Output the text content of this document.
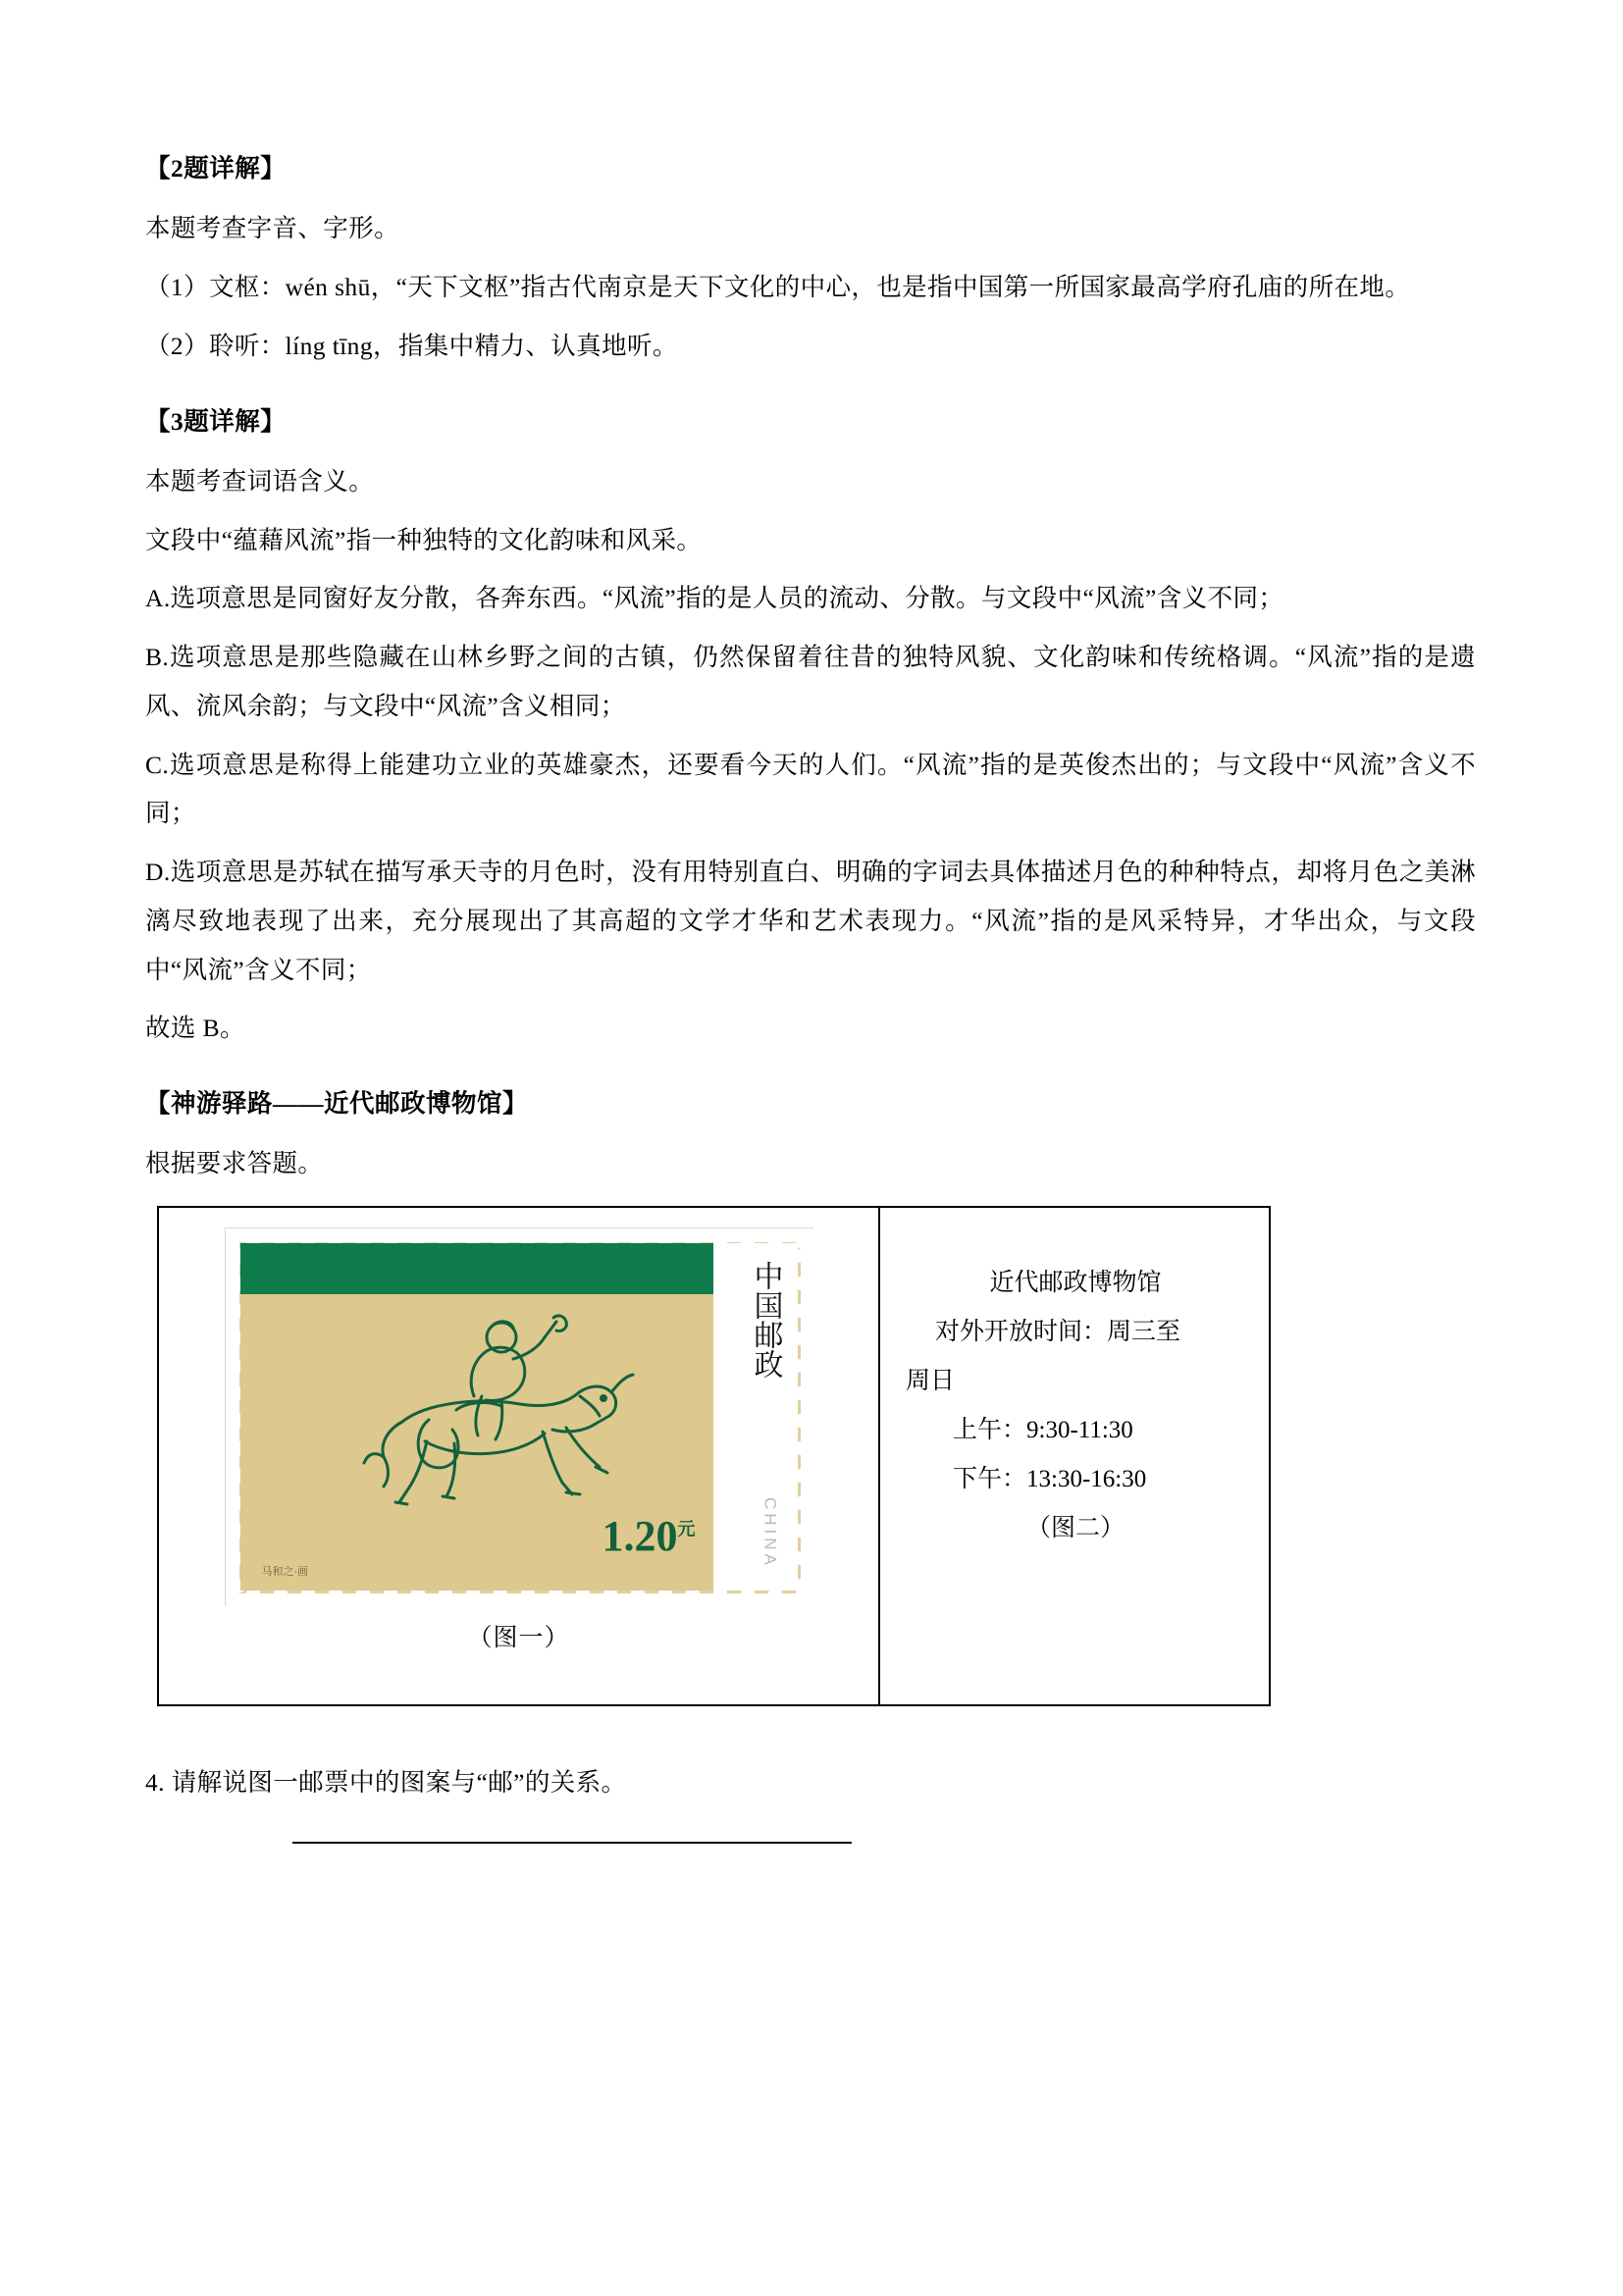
【2题详解】
本题考查字音、字形。
（1）文枢：wén shū，“天下文枢”指古代南京是天下文化的中心，也是指中国第一所国家最高学府孔庙的所在地。
（2）聆听：líng tīng，指集中精力、认真地听。
【3题详解】
本题考查词语含义。
文段中“蕴藉风流”指一种独特的文化韵味和风采。
A.选项意思是同窗好友分散，各奔东西。“风流”指的是人员的流动、分散。与文段中“风流”含义不同；
B.选项意思是那些隐藏在山林乡野之间的古镇，仍然保留着往昔的独特风貌、文化韵味和传统格调。“风流”指的是遗风、流风余韵；与文段中“风流”含义相同；
C.选项意思是称得上能建功立业的英雄豪杰，还要看今天的人们。“风流”指的是英俊杰出的；与文段中“风流”含义不同；
D.选项意思是苏轼在描写承天寺的月色时，没有用特别直白、明确的字词去具体描述月色的种种特点，却将月色之美淋漓尽致地表现了出来，充分展现出了其高超的文学才华和艺术表现力。“风流”指的是风采特异，才华出众，与文段中“风流”含义不同；
故选 B。
【神游驿路——近代邮政博物馆】
根据要求答题。
中国邮政
CHINA
$1.20^元$
马和之·画
（图一）
近代邮政博物馆
对外开放时间：周三至
周日
上午：9:30-11:30
下午：13:30-16:30
（图二）
4. 请解说图一邮票中的图案与“邮”的关系。
